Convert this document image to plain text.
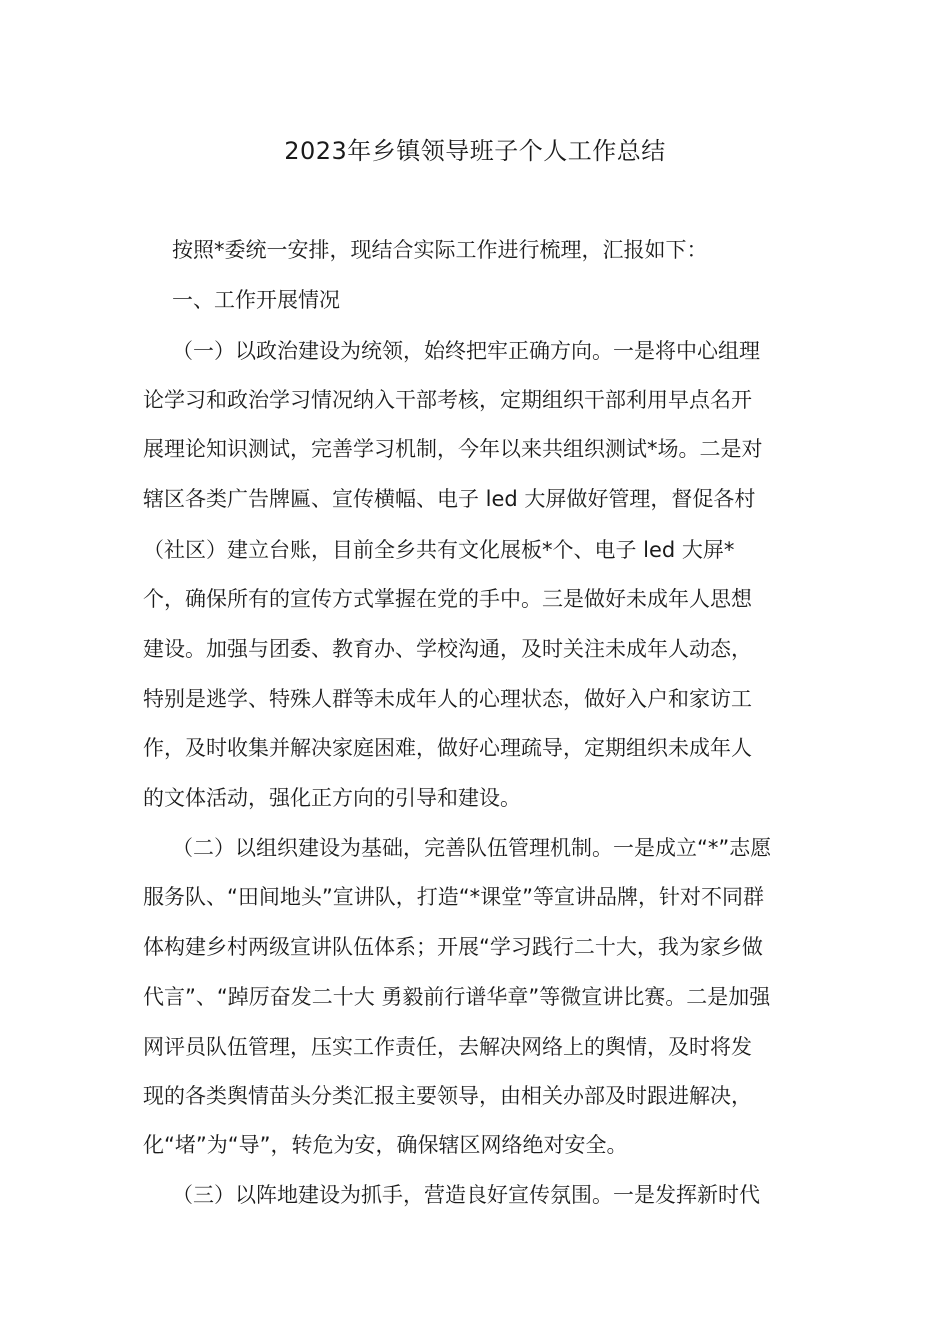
2023年乡镇领导班子个人工作总结
按照*委统一安排，现结合实际工作进行梳理，汇报如下：
一、工作开展情况
（一）以政治建设为统领，始终把牢正确方向。一是将中心组理
论学习和政治学习情况纳入干部考核，定期组织干部利用早点名开
展理论知识测试，完善学习机制，今年以来共组织测试*场。二是对
辖区各类广告牌匾、宣传横幅、电子 led 大屏做好管理，督促各村
（社区）建立台账，目前全乡共有文化展板*个、电子 led 大屏*
个，确保所有的宣传方式掌握在党的手中。三是做好未成年人思想
建设。加强与团委、教育办、学校沟通，及时关注未成年人动态，
特别是逃学、特殊人群等未成年人的心理状态，做好入户和家访工
作，及时收集并解决家庭困难，做好心理疏导，定期组织未成年人
的文体活动，强化正方向的引导和建设。
（二）以组织建设为基础，完善队伍管理机制。一是成立“*”志愿
服务队、“田间地头”宣讲队，打造“*课堂”等宣讲品牌，针对不同群
体构建乡村两级宣讲队伍体系；开展“学习践行二十大，我为家乡做
代言”、“踔厉奋发二十大 勇毅前行谱华章”等微宣讲比赛。二是加强
网评员队伍管理，压实工作责任，去解决网络上的舆情，及时将发
现的各类舆情苗头分类汇报主要领导，由相关办部及时跟进解决，
化“堵”为“导”，转危为安，确保辖区网络绝对安全。
（三）以阵地建设为抓手，营造良好宣传氛围。一是发挥新时代
